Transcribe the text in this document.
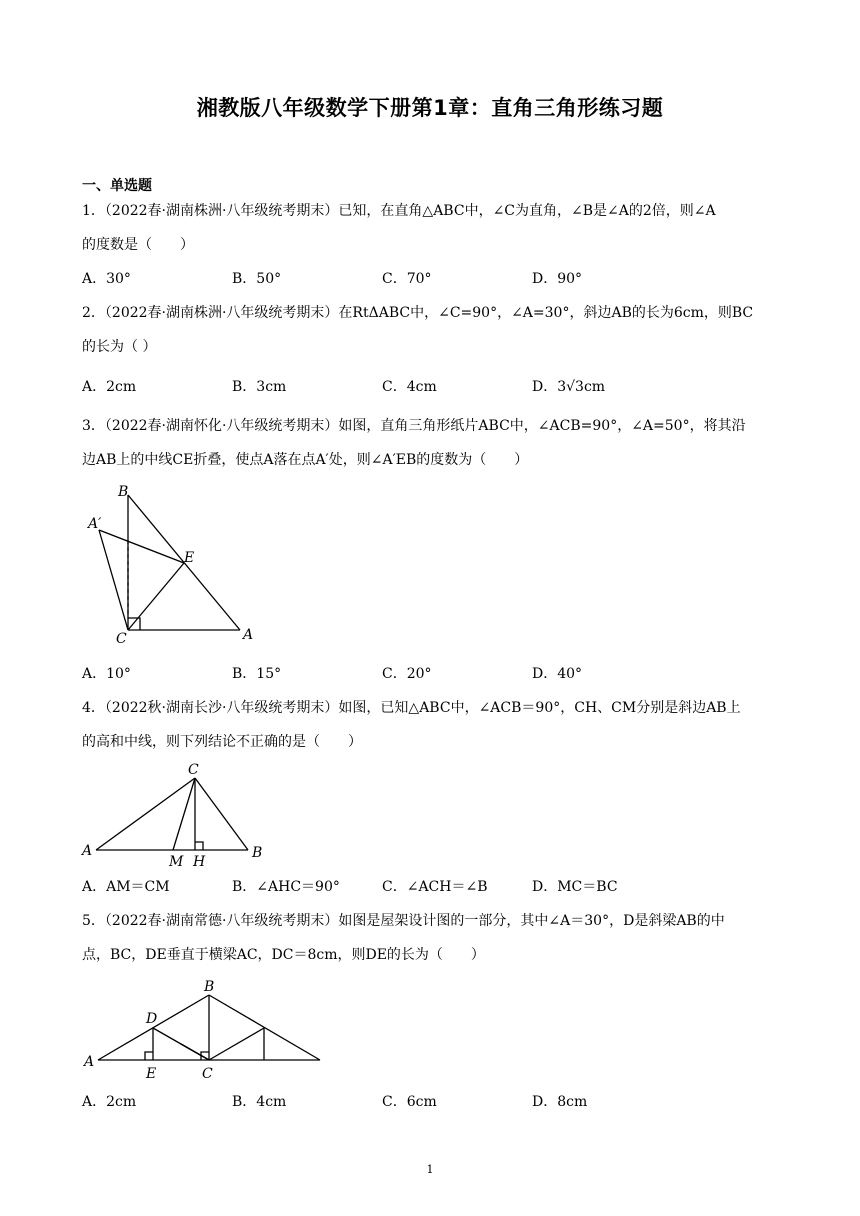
湘教版八年级数学下册第1章：直角三角形练习题
一、单选题
1．（2022春·湖南株洲·八年级统考期末）已知，在直角△ABC中，∠C为直角，∠B是∠A的2倍，则∠A
的度数是（　　）
A．30°	B．50°	C．70°	D．90°
2．（2022春·湖南株洲·八年级统考期末）在RtΔABC中，∠C=90°，∠A=30°，斜边AB的长为6cm，则BC
的长为（ ）
A．2cm	B．3cm	C．4cm	D．3√3cm
3．（2022春·湖南怀化·八年级统考期末）如图，直角三角形纸片ABC中，∠ACB=90°，∠A=50°，将其沿
边AB上的中线CE折叠，使点A落在点A′处，则∠A′EB的度数为（　　）
B
A′
E
C	A
A．10°	B．15°	C．20°	D．40°
4．（2022秋·湖南长沙·八年级统考期末）如图，已知△ABC中，∠ACB＝90°，CH、CM分别是斜边AB上
的高和中线，则下列结论不正确的是（　　）
C
A
M H
B
A．AM＝CM	B．∠AHC＝90°	C．∠ACH＝∠B	D．MC＝BC
5．（2022春·湖南常德·八年级统考期末）如图是屋架设计图的一部分，其中∠A＝30°，D是斜梁AB的中
点，BC，DE垂直于横梁AC，DC＝8cm，则DE的长为（　　）
B
D
A
E	C
A．2cm	B．4cm	C．6cm	D．8cm
1
